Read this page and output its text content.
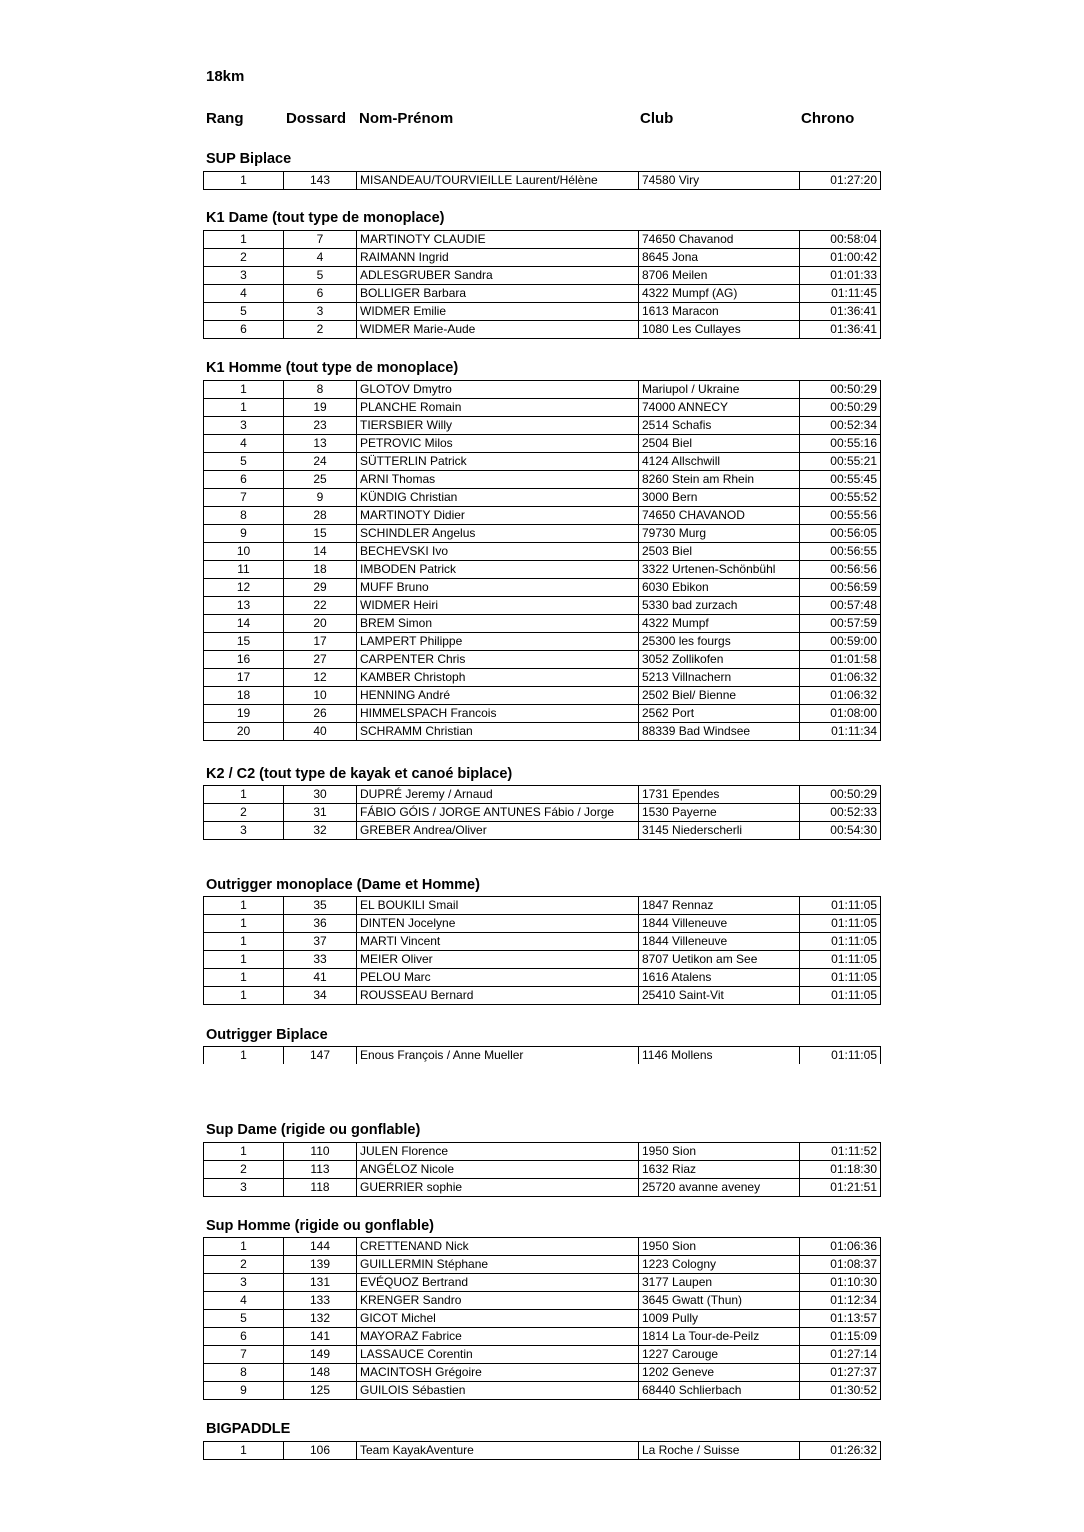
18km
Rang	Dossard Nom-Prénom	Club	Chrono
SUP Biplace
1	143	MISANDEAU/TOURVIEILLE Laurent/Hélène	74580 Viry	01:27:20
K1 Dame (tout type de monoplace)
1	7	MARTINOTY CLAUDIE	74650 Chavanod	00:58:04
2	4	RAIMANN Ingrid	8645 Jona	01:00:42
3	5	ADLESGRUBER Sandra	8706 Meilen	01:01:33
4	6	BOLLIGER Barbara	4322 Mumpf (AG)	01:11:45
5	3	WIDMER Emilie	1613 Maracon	01:36:41
6	2	WIDMER Marie-Aude	1080 Les Cullayes	01:36:41
K1 Homme (tout type de monoplace)
1	8	GLOTOV Dmytro	Mariupol / Ukraine	00:50:29
1	19	PLANCHE Romain	74000 ANNECY	00:50:29
3	23	TIERSBIER Willy	2514 Schafis	00:52:34
4	13	PETROVIC Milos	2504 Biel	00:55:16
5	24	SÜTTERLIN Patrick	4124 Allschwill	00:55:21
6	25	ARNI Thomas	8260 Stein am Rhein	00:55:45
7	9	KÜNDIG Christian	3000 Bern	00:55:52
8	28	MARTINOTY Didier	74650 CHAVANOD	00:55:56
9	15	SCHINDLER Angelus	79730 Murg	00:56:05
10	14	BECHEVSKI Ivo	2503 Biel	00:56:55
11	18	IMBODEN Patrick	3322 Urtenen-Schönbühl	00:56:56
12	29	MUFF Bruno	6030 Ebikon	00:56:59
13	22	WIDMER Heiri	5330 bad zurzach	00:57:48
14	20	BREM Simon	4322 Mumpf	00:57:59
15	17	LAMPERT Philippe	25300 les fourgs	00:59:00
16	27	CARPENTER Chris	3052 Zollikofen	01:01:58
17	12	KAMBER Christoph	5213 Villnachern	01:06:32
18	10	HENNING André	2502 Biel/ Bienne	01:06:32
19	26	HIMMELSPACH Francois	2562 Port	01:08:00
20	40	SCHRAMM Christian	88339 Bad Windsee	01:11:34
K2 / C2 (tout type de kayak et canoé biplace)
1	30	DUPRÉ Jeremy / Arnaud	1731 Ependes	00:50:29
2	31	FÁBIO GÓIS / JORGE ANTUNES Fábio / Jorge	1530 Payerne	00:52:33
3	32	GREBER Andrea/Oliver	3145 Niederscherli	00:54:30
Outrigger monoplace (Dame et Homme)
1	35	EL BOUKILI Smail	1847 Rennaz	01:11:05
1	36	DINTEN Jocelyne	1844 Villeneuve	01:11:05
1	37	MARTI Vincent	1844 Villeneuve	01:11:05
1	33	MEIER Oliver	8707 Uetikon am See	01:11:05
1	41	PELOU Marc	1616 Atalens	01:11:05
1	34	ROUSSEAU Bernard	25410 Saint-Vit	01:11:05
Outrigger Biplace
1	147	Enous François / Anne Mueller	1146 Mollens	01:11:05
Sup Dame (rigide ou gonflable)
1	110	JULEN Florence	1950 Sion	01:11:52
2	113	ANGÉLOZ Nicole	1632 Riaz	01:18:30
3	118	GUERRIER sophie	25720 avanne aveney	01:21:51
Sup Homme (rigide ou gonflable)
1	144	CRETTENAND Nick	1950 Sion	01:06:36
2	139	GUILLERMIN Stéphane	1223 Cologny	01:08:37
3	131	EVÉQUOZ Bertrand	3177 Laupen	01:10:30
4	133	KRENGER Sandro	3645 Gwatt (Thun)	01:12:34
5	132	GICOT Michel	1009 Pully	01:13:57
6	141	MAYORAZ Fabrice	1814 La Tour-de-Peilz	01:15:09
7	149	LASSAUCE Corentin	1227 Carouge	01:27:14
8	148	MACINTOSH Grégoire	1202 Geneve	01:27:37
9	125	GUILOIS Sébastien	68440 Schlierbach	01:30:52
BIGPADDLE
1	106	Team KayakAventure	La Roche / Suisse	01:26:32
